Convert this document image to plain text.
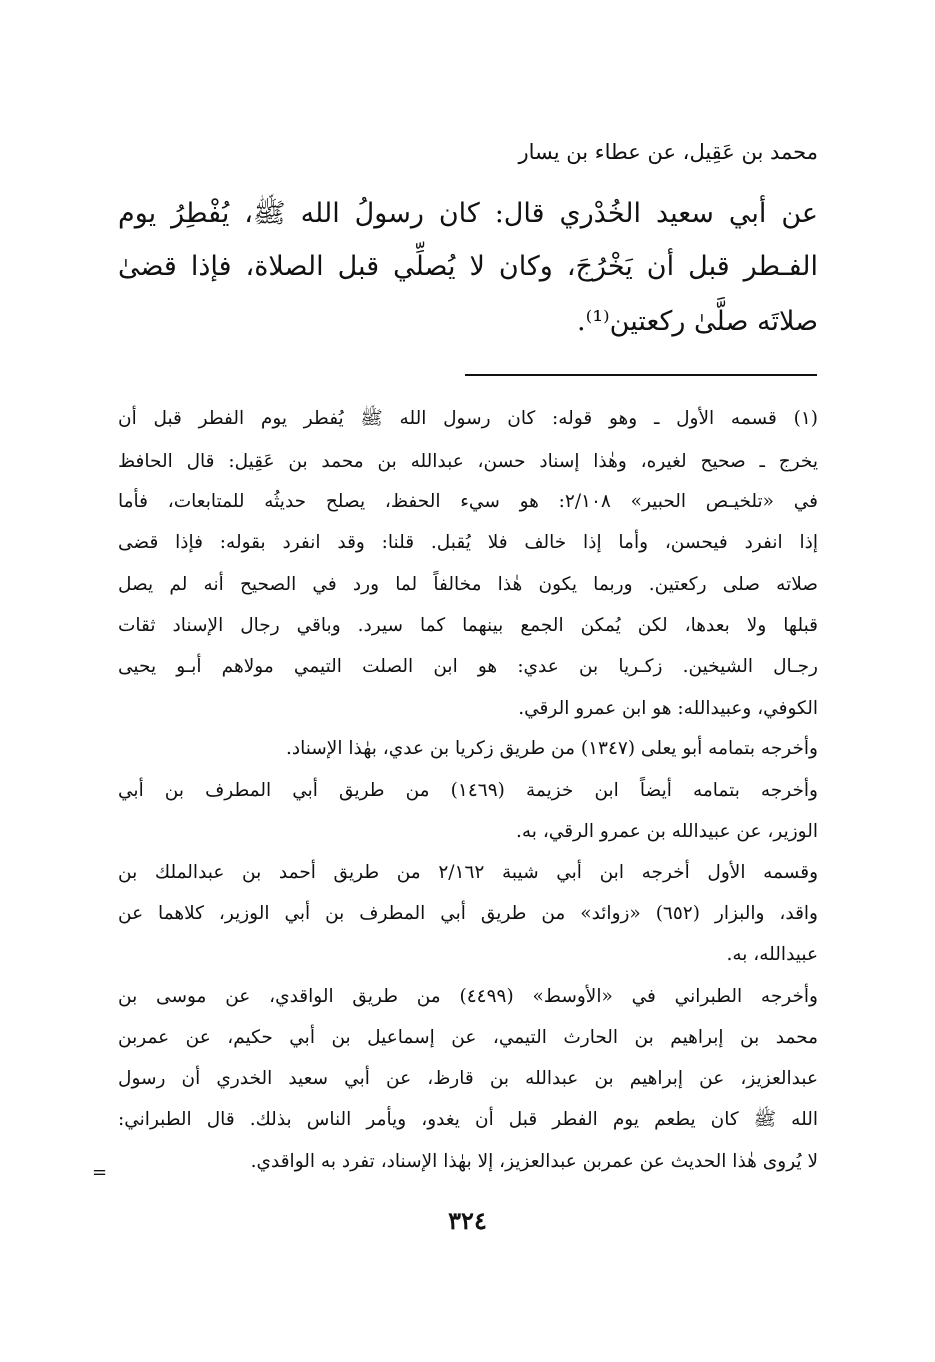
محمد بن عَقِيل، عن عطاء بن يسار

عن أبي سعيد الخُدْري قال: كان رسولُ الله ﷺ، يُفْطِرُ يوم

الفـطر قبل أن يَخْرُجَ، وكان لا يُصلِّي قبل الصلاة، فإذا قضىٰ

صلاتَه صلَّىٰ ركعتين⁽¹⁾.

(١) قسمه الأول ـ وهو قوله: كان رسول الله ﷺ يُفطر يوم الفطر قبل أن

يخرج ـ صحيح لغيره، وهٰذا إسناد حسن، عبدالله بن محمد بن عَقِيل: قال الحافظ

في «تلخيـص الحبير» ٢/١٠٨: هو سيء الحفظ، يصلح حديثُه للمتابعات، فأما

إذا انفرد فيحسن، وأما إذا خالف فلا يُقبل. قلنا: وقد انفرد بقوله: فإذا قضى

صلاته صلى ركعتين. وربما يكون هٰذا مخالفاً لما ورد في الصحيح أنه لم يصل

قبلها ولا بعدها، لكن يُمكن الجمع بينهما كما سيرد. وباقي رجال الإسناد ثقات

رجـال الشيخين. زكـريا بن عدي: هو ابن الصلت التيمي مولاهم أبـو يحيى

الكوفي، وعبيدالله: هو ابن عمرو الرقي.

وأخرجه بتمامه أبو يعلى (١٣٤٧) من طريق زكريا بن عدي، بهٰذا الإسناد.

وأخرجه بتمامه أيضاً ابن خزيمة (١٤٦٩) من طريق أبي المطرف بن أبي

الوزير، عن عبيدالله بن عمرو الرقي، به.

وقسمه الأول أخرجه ابن أبي شيبة ٢/١٦٢ من طريق أحمد بن عبدالملك بن

واقد، والبزار (٦٥٢) «زوائد» من طريق أبي المطرف بن أبي الوزير، كلاهما عن

عبيدالله، به.

وأخرجه الطبراني في «الأوسط» (٤٤٩٩) من طريق الواقدي، عن موسى بن

محمد بن إبراهيم بن الحارث التيمي، عن إسماعيل بن أبي حكيم، عن عمربن

عبدالعزيز، عن إبراهيم بن عبدالله بن قارظ، عن أبي سعيد الخدري أن رسول

الله ﷺ كان يطعم يوم الفطر قبل أن يغدو، ويأمر الناس بذلك. قال الطبراني:

لا يُروى هٰذا الحديث عن عمربن عبدالعزيز، إلا بهٰذا الإسناد، تفرد به الواقدي.

=
٣٢٤
